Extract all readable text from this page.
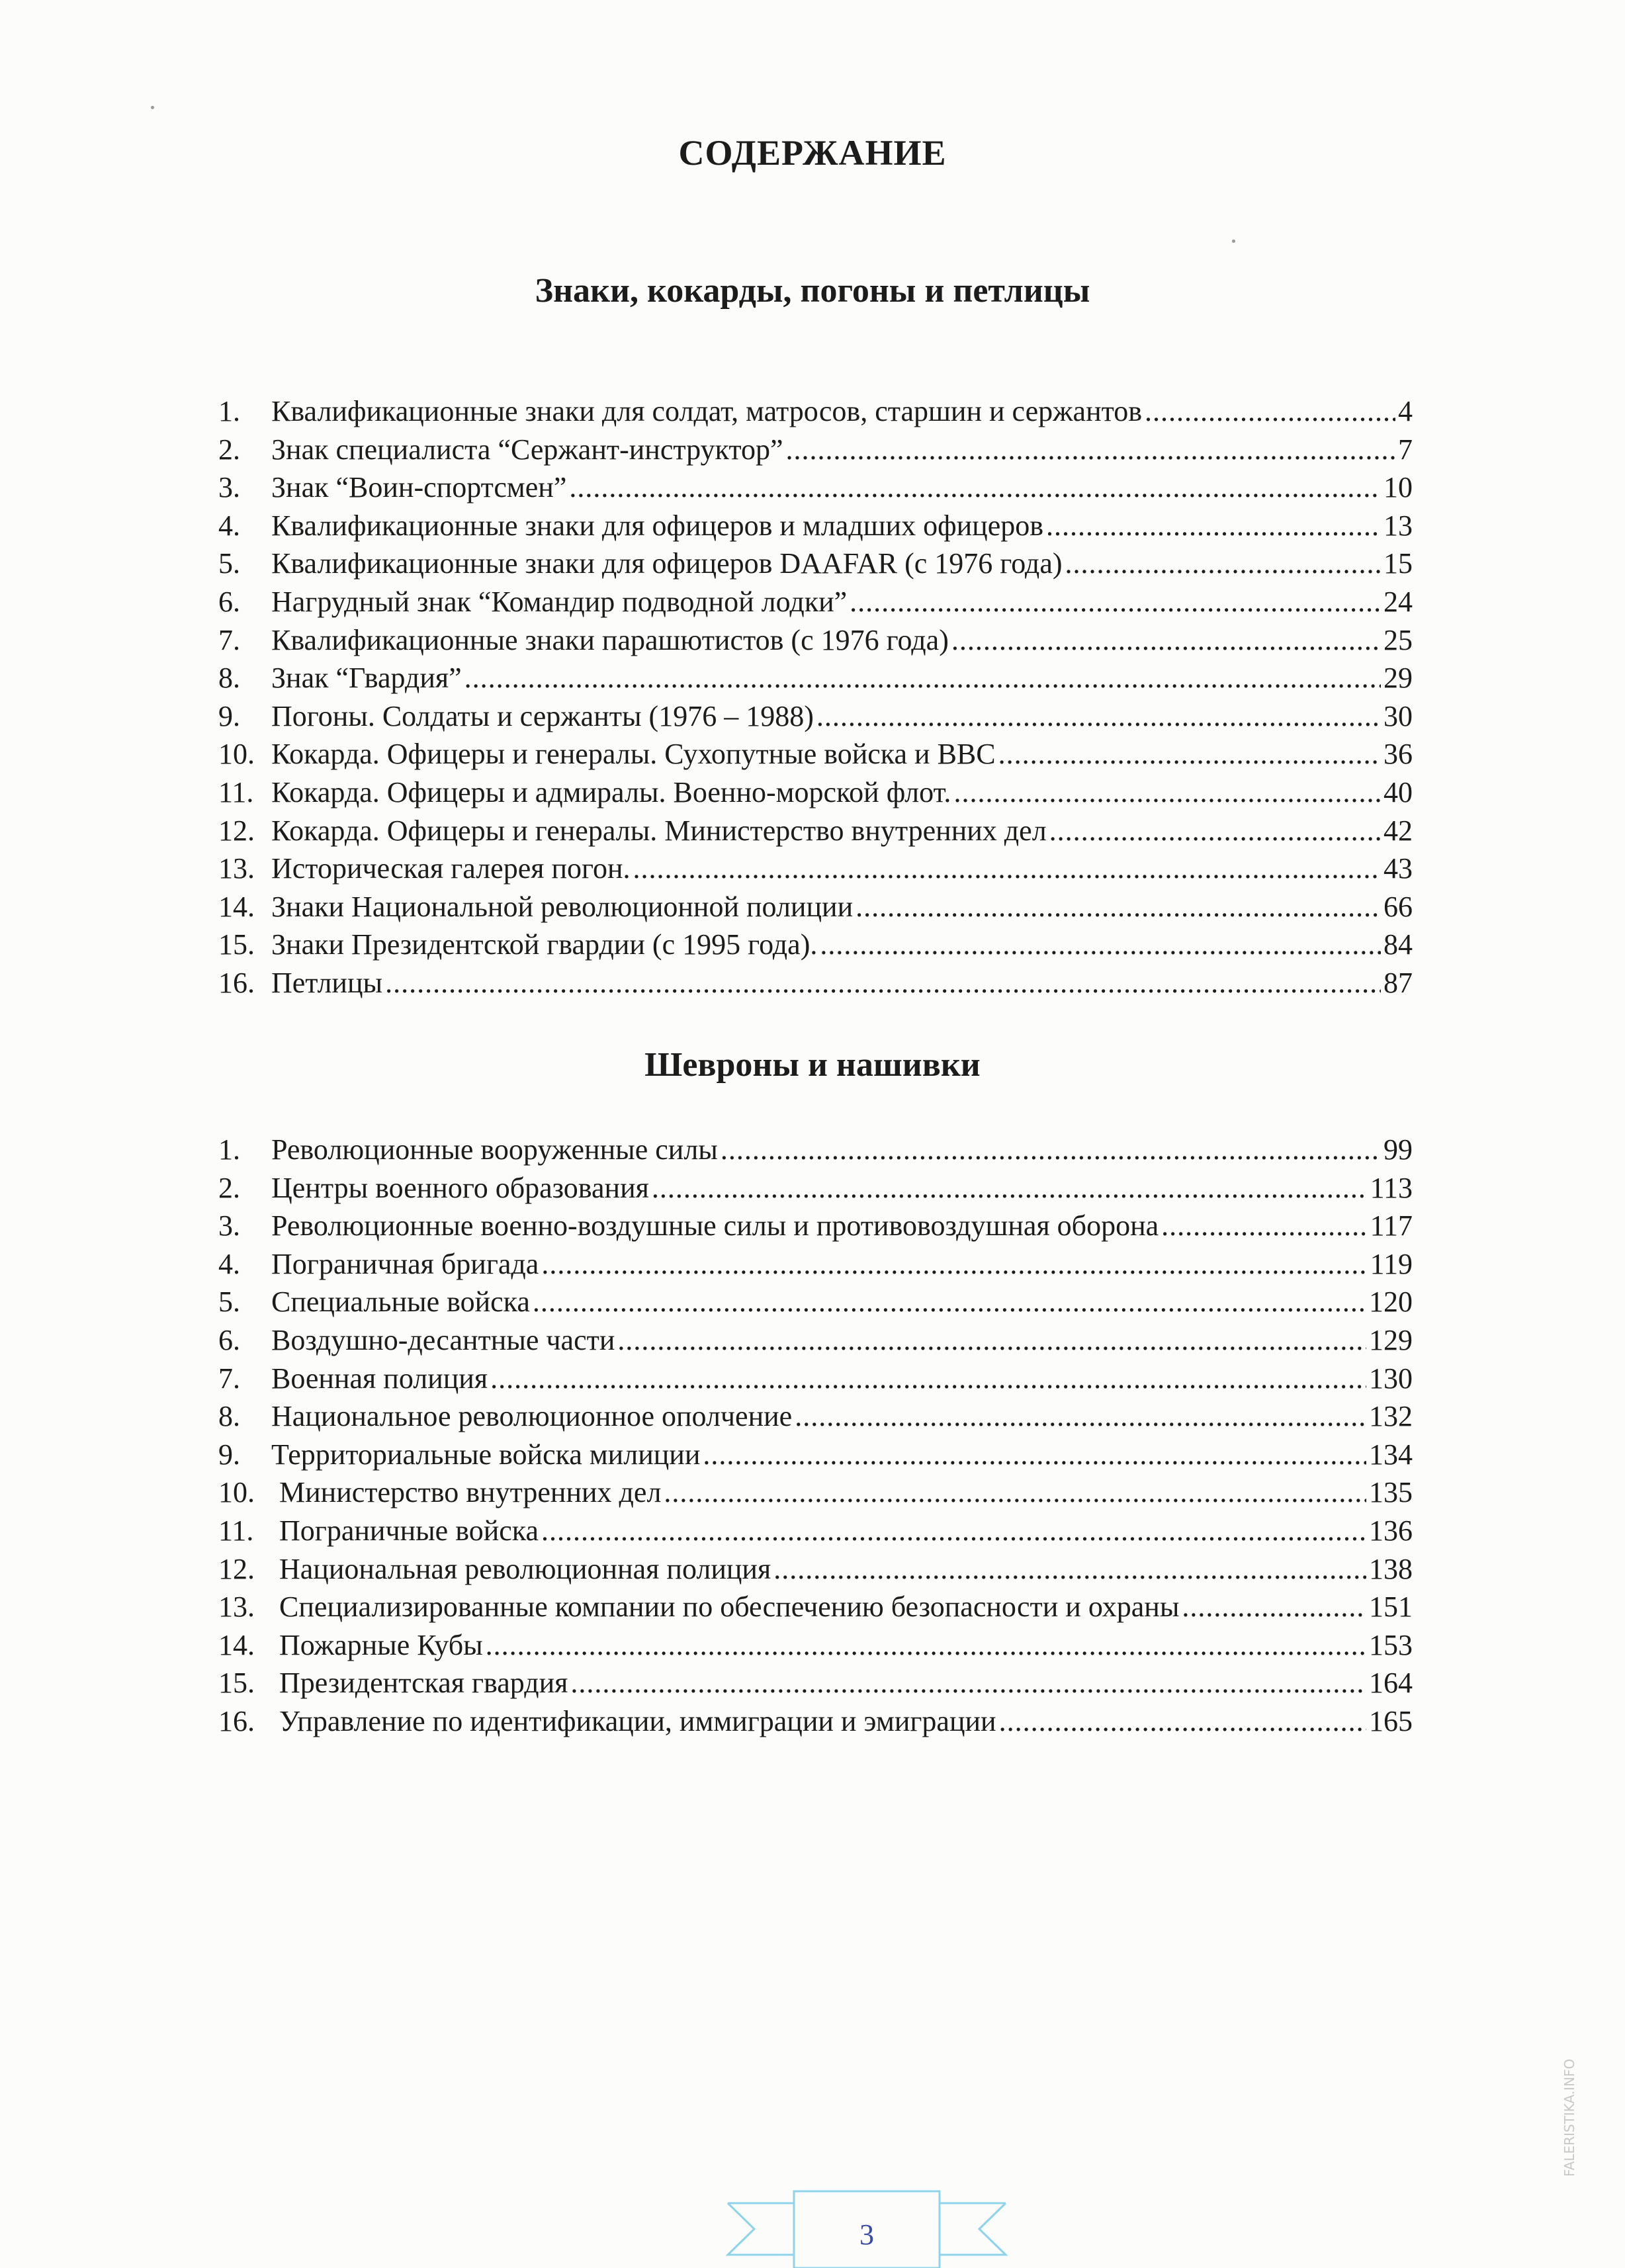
СОДЕРЖАНИЕ
Знаки, кокарды, погоны и петлицы
1.	Квалификационные знаки для солдат, матросов, старшин и сержантов .....	4
2.	Знак специалиста “Сержант-инструктор” .....	7
3.	Знак “Воин-спортсмен” .....	10
4.	Квалификационные знаки для офицеров и младших офицеров .....	13
5.	Квалификационные знаки для офицеров DAAFAR (с 1976 года) .....	15
6.	Нагрудный знак “Командир подводной лодки” .....	24
7.	Квалификационные знаки парашютистов (с 1976 года) .....	25
8.	Знак “Гвардия” .....	29
9.	Погоны. Солдаты и сержанты (1976 – 1988) .....	30
10. Кокарда. Офицеры и генералы. Сухопутные войска и ВВС .....	36
11. Кокарда. Офицеры и адмиралы. Военно-морской флот. .....	40
12. Кокарда. Офицеры и генералы. Министерство внутренних дел .....	42
13. Историческая галерея погон. .....	43
14. Знаки Национальной революционной полиции .....	66
15. Знаки Президентской гвардии (с 1995 года). .....	84
16. Петлицы .....	87
Шевроны и нашивки
1.	Революционные вооруженные силы .....	99
2.	Центры военного образования .....	113
3.	Революционные военно-воздушные силы и противовоздушная оборона .....	117
4.	Пограничная бригада .....	119
5.	Специальные войска .....	120
6.	Воздушно-десантные части .....	129
7.	Военная полиция .....	130
8.	Национальное революционное ополчение .....	132
9.	Территориальные войска милиции .....	134
10. Министерство внутренних дел .....	135
11. Пограничные войска .....	136
12. Национальная революционная полиция .....	138
13. Специализированные компании по обеспечению безопасности и охраны .....	151
14. Пожарные Кубы .....	153
15. Президентская гвардия .....	164
16. Управление по идентификации, иммиграции и эмиграции .....	165
3
FALERISTIKA.INFO
